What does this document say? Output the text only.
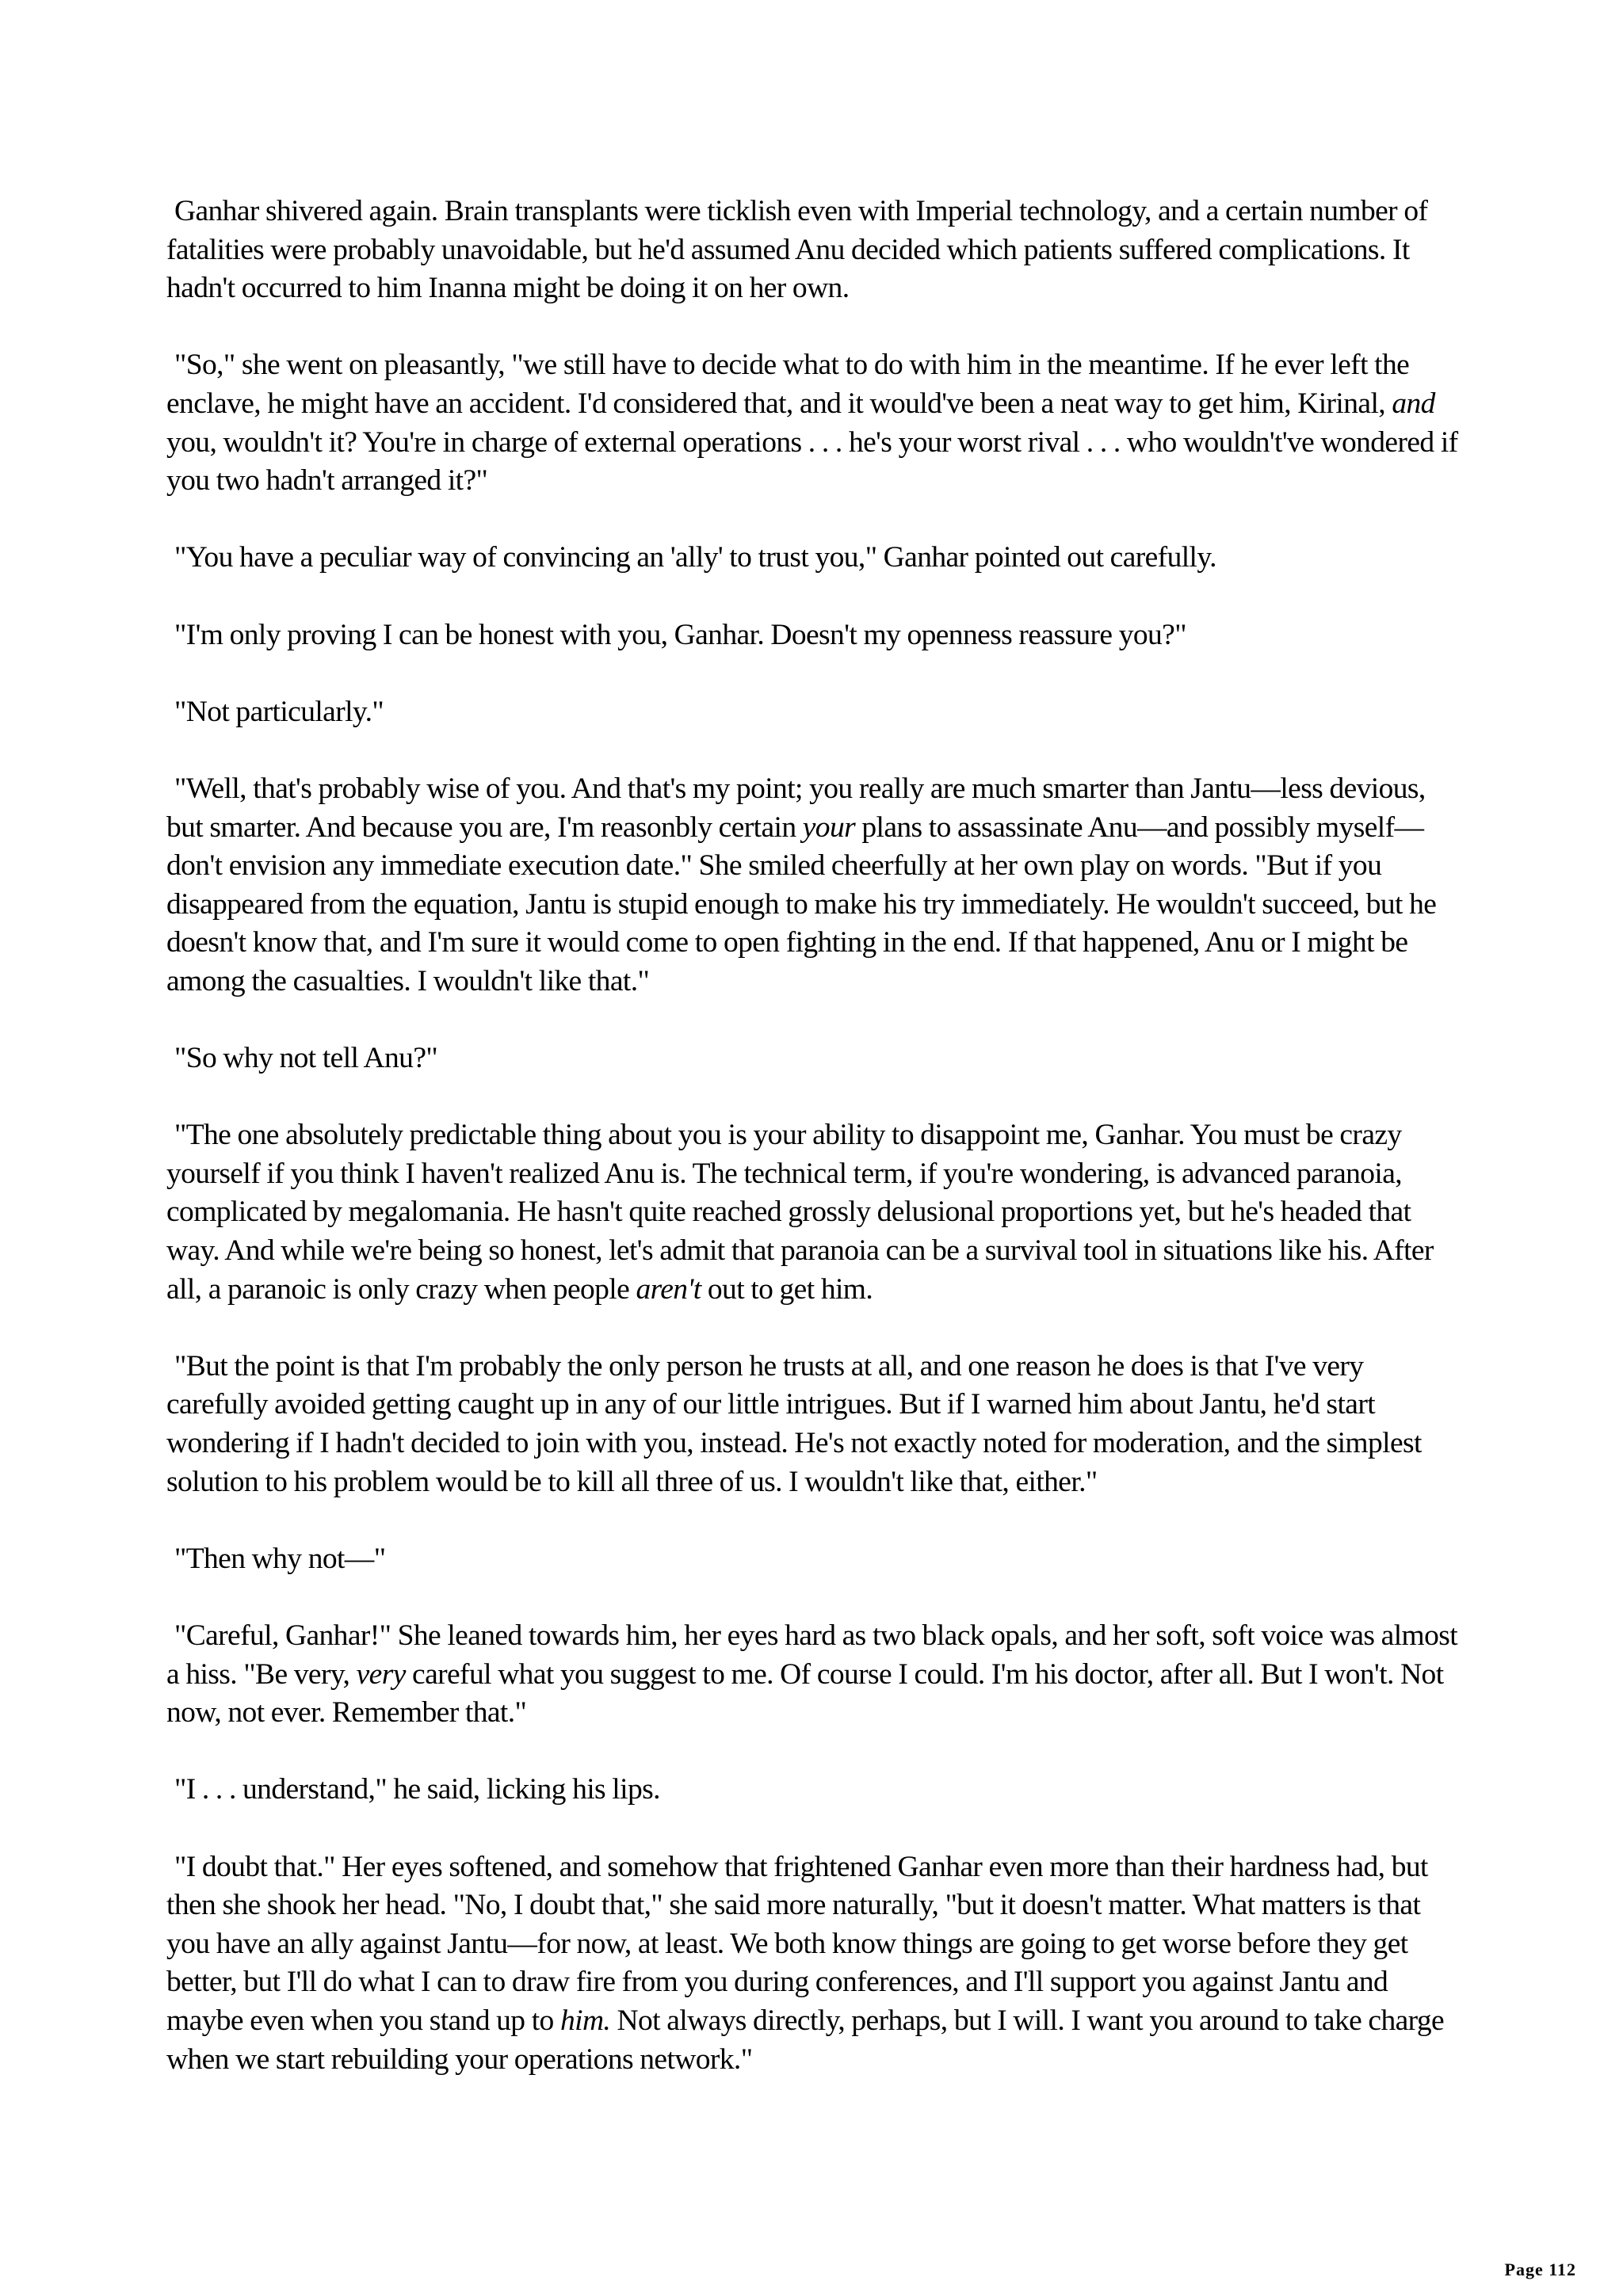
Ganhar shivered again. Brain transplants were ticklish even with Imperial technology, and a certain number of fatalities were probably unavoidable, but he'd assumed Anu decided which patients suffered complications. It hadn't occurred to him Inanna might be doing it on her own.

"So," she went on pleasantly, "we still have to decide what to do with him in the meantime. If he ever left the enclave, he might have an accident. I'd considered that, and it would've been a neat way to get him, Kirinal, and you, wouldn't it? You're in charge of external operations . . . he's your worst rival . . . who wouldn't've wondered if you two hadn't arranged it?"

"You have a peculiar way of convincing an 'ally' to trust you," Ganhar pointed out carefully.

"I'm only proving I can be honest with you, Ganhar. Doesn't my openness reassure you?"

"Not particularly."

"Well, that's probably wise of you. And that's my point; you really are much smarter than Jantu—less devious, but smarter. And because you are, I'm reasonbly certain your plans to assassinate Anu—and possibly myself—don't envision any immediate execution date." She smiled cheerfully at her own play on words. "But if you disappeared from the equation, Jantu is stupid enough to make his try immediately. He wouldn't succeed, but he doesn't know that, and I'm sure it would come to open fighting in the end. If that happened, Anu or I might be among the casualties. I wouldn't like that."

"So why not tell Anu?"

"The one absolutely predictable thing about you is your ability to disappoint me, Ganhar. You must be crazy yourself if you think I haven't realized Anu is. The technical term, if you're wondering, is advanced paranoia, complicated by megalomania. He hasn't quite reached grossly delusional proportions yet, but he's headed that way. And while we're being so honest, let's admit that paranoia can be a survival tool in situations like his. After all, a paranoic is only crazy when people aren't out to get him.

"But the point is that I'm probably the only person he trusts at all, and one reason he does is that I've very carefully avoided getting caught up in any of our little intrigues. But if I warned him about Jantu, he'd start wondering if I hadn't decided to join with you, instead. He's not exactly noted for moderation, and the simplest solution to his problem would be to kill all three of us. I wouldn't like that, either."

"Then why not—"

"Careful, Ganhar!" She leaned towards him, her eyes hard as two black opals, and her soft, soft voice was almost a hiss. "Be very, very careful what you suggest to me. Of course I could. I'm his doctor, after all. But I won't. Not now, not ever. Remember that."

"I . . . understand," he said, licking his lips.

"I doubt that." Her eyes softened, and somehow that frightened Ganhar even more than their hardness had, but then she shook her head. "No, I doubt that," she said more naturally, "but it doesn't matter. What matters is that you have an ally against Jantu—for now, at least. We both know things are going to get worse before they get better, but I'll do what I can to draw fire from you during conferences, and I'll support you against Jantu and maybe even when you stand up to him. Not always directly, perhaps, but I will. I want you around to take charge when we start rebuilding your operations network."

Page 112
